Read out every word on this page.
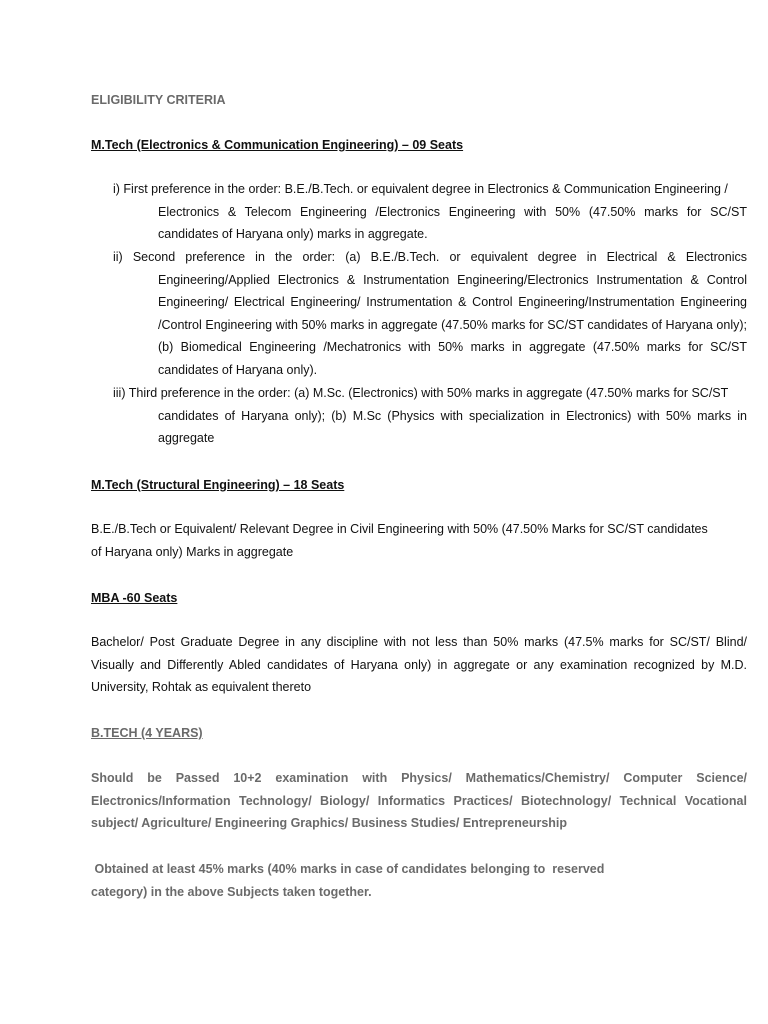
ELIGIBILITY CRITERIA
M.Tech (Electronics & Communication Engineering) – 09 Seats
i) First preference in the order: B.E./B.Tech. or equivalent degree in Electronics & Communication Engineering /
Electronics & Telecom Engineering /Electronics Engineering with 50% (47.50% marks for SC/ST candidates of Haryana only) marks in aggregate.
ii) Second preference in the order: (a) B.E./B.Tech. or equivalent degree in Electrical & Electronics
Engineering/Applied Electronics & Instrumentation Engineering/Electronics Instrumentation & Control Engineering/ Electrical Engineering/ Instrumentation & Control Engineering/Instrumentation Engineering /Control Engineering with 50% marks in aggregate (47.50% marks for SC/ST candidates of Haryana only); (b) Biomedical Engineering /Mechatronics with 50% marks in aggregate (47.50% marks for SC/ST candidates of Haryana only).
iii) Third preference in the order: (a) M.Sc. (Electronics) with 50% marks in aggregate (47.50% marks for SC/ST
candidates of Haryana only); (b) M.Sc (Physics with specialization in Electronics) with 50% marks in aggregate
M.Tech (Structural Engineering) – 18 Seats
B.E./B.Tech or Equivalent/ Relevant Degree in Civil Engineering with 50% (47.50% Marks for SC/ST candidates
of Haryana only) Marks in aggregate
MBA -60 Seats
Bachelor/ Post Graduate Degree in any discipline with not less than 50% marks (47.5% marks for SC/ST/ Blind/ Visually and Differently Abled candidates of Haryana only) in aggregate or any examination recognized by M.D. University, Rohtak as equivalent thereto
B.TECH (4 YEARS)
Should be Passed 10+2 examination with Physics/ Mathematics/Chemistry/ Computer Science/ Electronics/Information Technology/ Biology/ Informatics Practices/ Biotechnology/ Technical Vocational subject/ Agriculture/ Engineering Graphics/ Business Studies/ Entrepreneurship
Obtained at least 45% marks (40% marks in case of candidates belonging to  reserved
category) in the above Subjects taken together.
